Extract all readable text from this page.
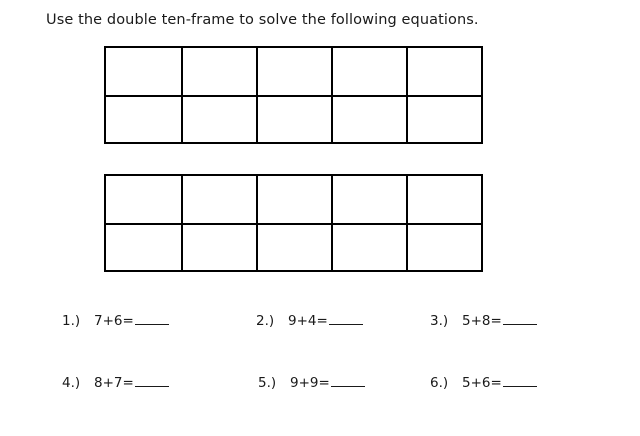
Use the double ten-frame to solve the following equations.
1.)	7+6=	2.)	9+4=	3.)	5+8=
4.)	8+7=	5.)	9+9=	6.)	5+6=
